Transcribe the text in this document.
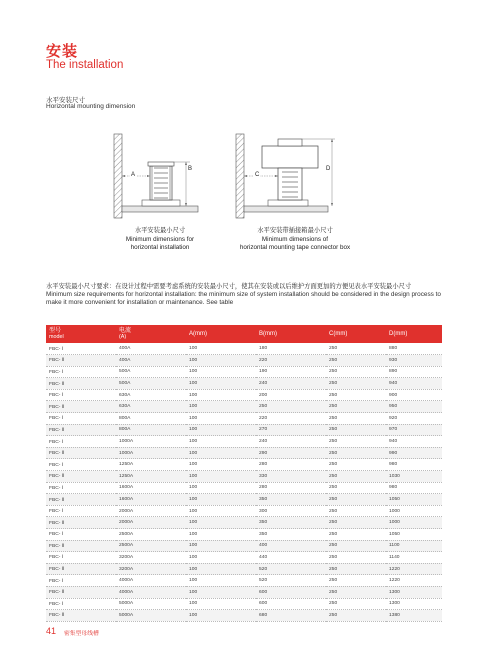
安装
The installation
水平安装尺寸
Horizontal mounting dimension
A
B
水平安装最小尺寸
Minimum dimensions for
horizontal installation
C
D
水平安装带插接箱最小尺寸
Minimum dimensions of
horizontal mounting tape connector box
水平安装最小尺寸要求：在设计过程中需要考虑系统的安装最小尺寸，使其在安装或以后维护方面更加的方便见表水平安装最小尺寸
Minimum size requirements for horizontal installation: the minimum size of system installation should be considered in the design process to make it more convenient for installation or maintenance. See table
型号
model	电流
(A)	A(mm)	B(mm)	C(mm)	D(mm)

FBC- Ⅰ	400A	100	180	250	880
FBC- Ⅱ	400A	100	220	250	930
FBC- Ⅰ	500A	100	190	250	890
FBC- Ⅱ	500A	100	240	250	940
FBC- Ⅰ	630A	100	200	250	900
FBC- Ⅱ	630A	100	250	250	950
FBC- Ⅰ	800A	100	220	250	920
FBC- Ⅱ	800A	100	270	250	970
FBC- Ⅰ	1000A	100	240	250	940
FBC- Ⅱ	1000A	100	290	250	990
FBC- Ⅰ	1250A	100	280	250	980
FBC- Ⅱ	1250A	100	330	250	1030
FBC- Ⅰ	1600A	100	280	250	980
FBC- Ⅱ	1600A	100	350	250	1050
FBC- Ⅰ	2000A	100	300	250	1000
FBC- Ⅱ	2000A	100	350	250	1000
FBC- Ⅰ	2500A	100	350	250	1050
FBC- Ⅱ	2500A	100	400	250	1100
FBC- Ⅰ	3200A	100	440	250	1140
FBC- Ⅱ	3200A	100	520	250	1220
FBC- Ⅰ	4000A	100	520	250	1220
FBC- Ⅱ	4000A	100	600	250	1300
FBC- Ⅰ	5000A	100	600	250	1300
FBC- Ⅱ	5000A	100	680	250	1380
41 密集型母线槽
